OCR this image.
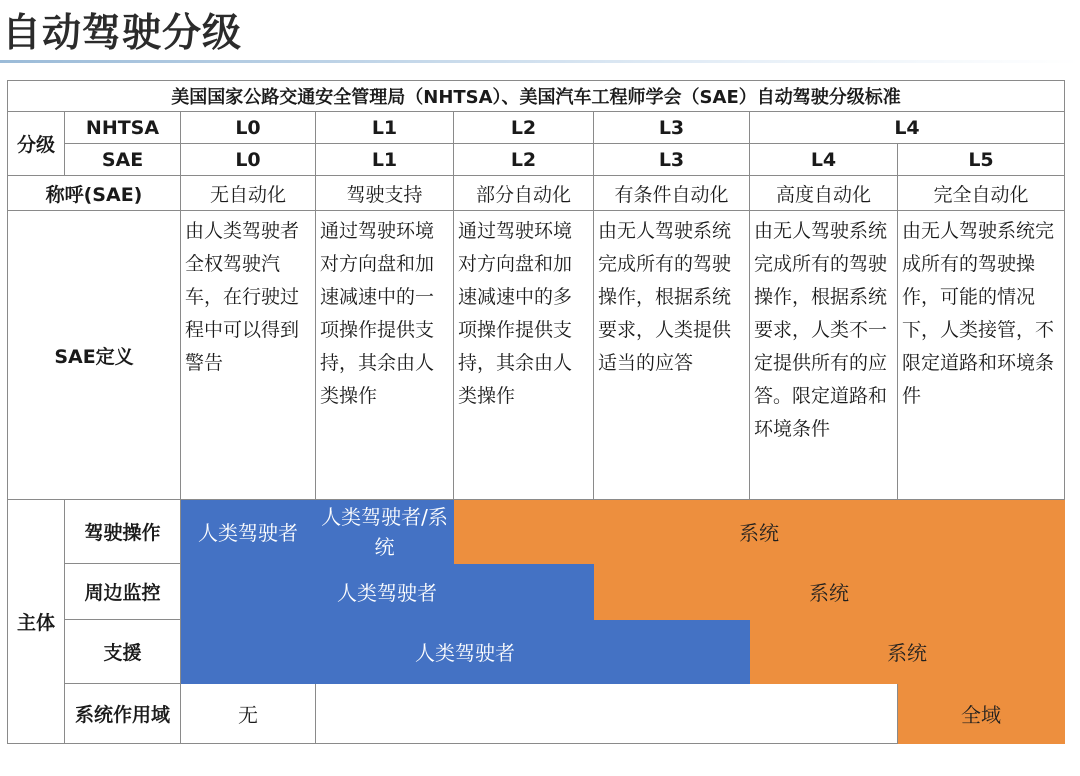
自动驾驶分级
美国国家公路交通安全管理局（NHTSA）、美国汽车工程师学会（SAE）自动驾驶分级标准							
分级	NHTSA	L0	L1	L2	L3	L4	
	SAE	L0	L1	L2	L3	L4	L5
称呼(SAE)		无自动化	驾驶支持	部分自动化	有条件自动化	高度自动化	完全自动化
SAE定义		由人类驾驶者全权驾驶汽车，在行驶过程中可以得到警告	通过驾驶环境对方向盘和加速减速中的一项操作提供支持，其余由人类操作	通过驾驶环境对方向盘和加速减速中的多项操作提供支持，其余由人类操作	由无人驾驶系统完成所有的驾驶操作，根据系统要求，人类提供适当的应答	由无人驾驶系统完成所有的驾驶操作，根据系统要求，人类不一定提供所有的应答。限定道路和环境条件	由无人驾驶系统完成所有的驾驶操作，可能的情况下，人类接管，不限定道路和环境条件
主体	驾驶操作	人类驾驶者	人类驾驶者/系统	系统			
	周边监控	人类驾驶者			系统		
	支援	人类驾驶者				系统	
	系统作用域	无					全域
